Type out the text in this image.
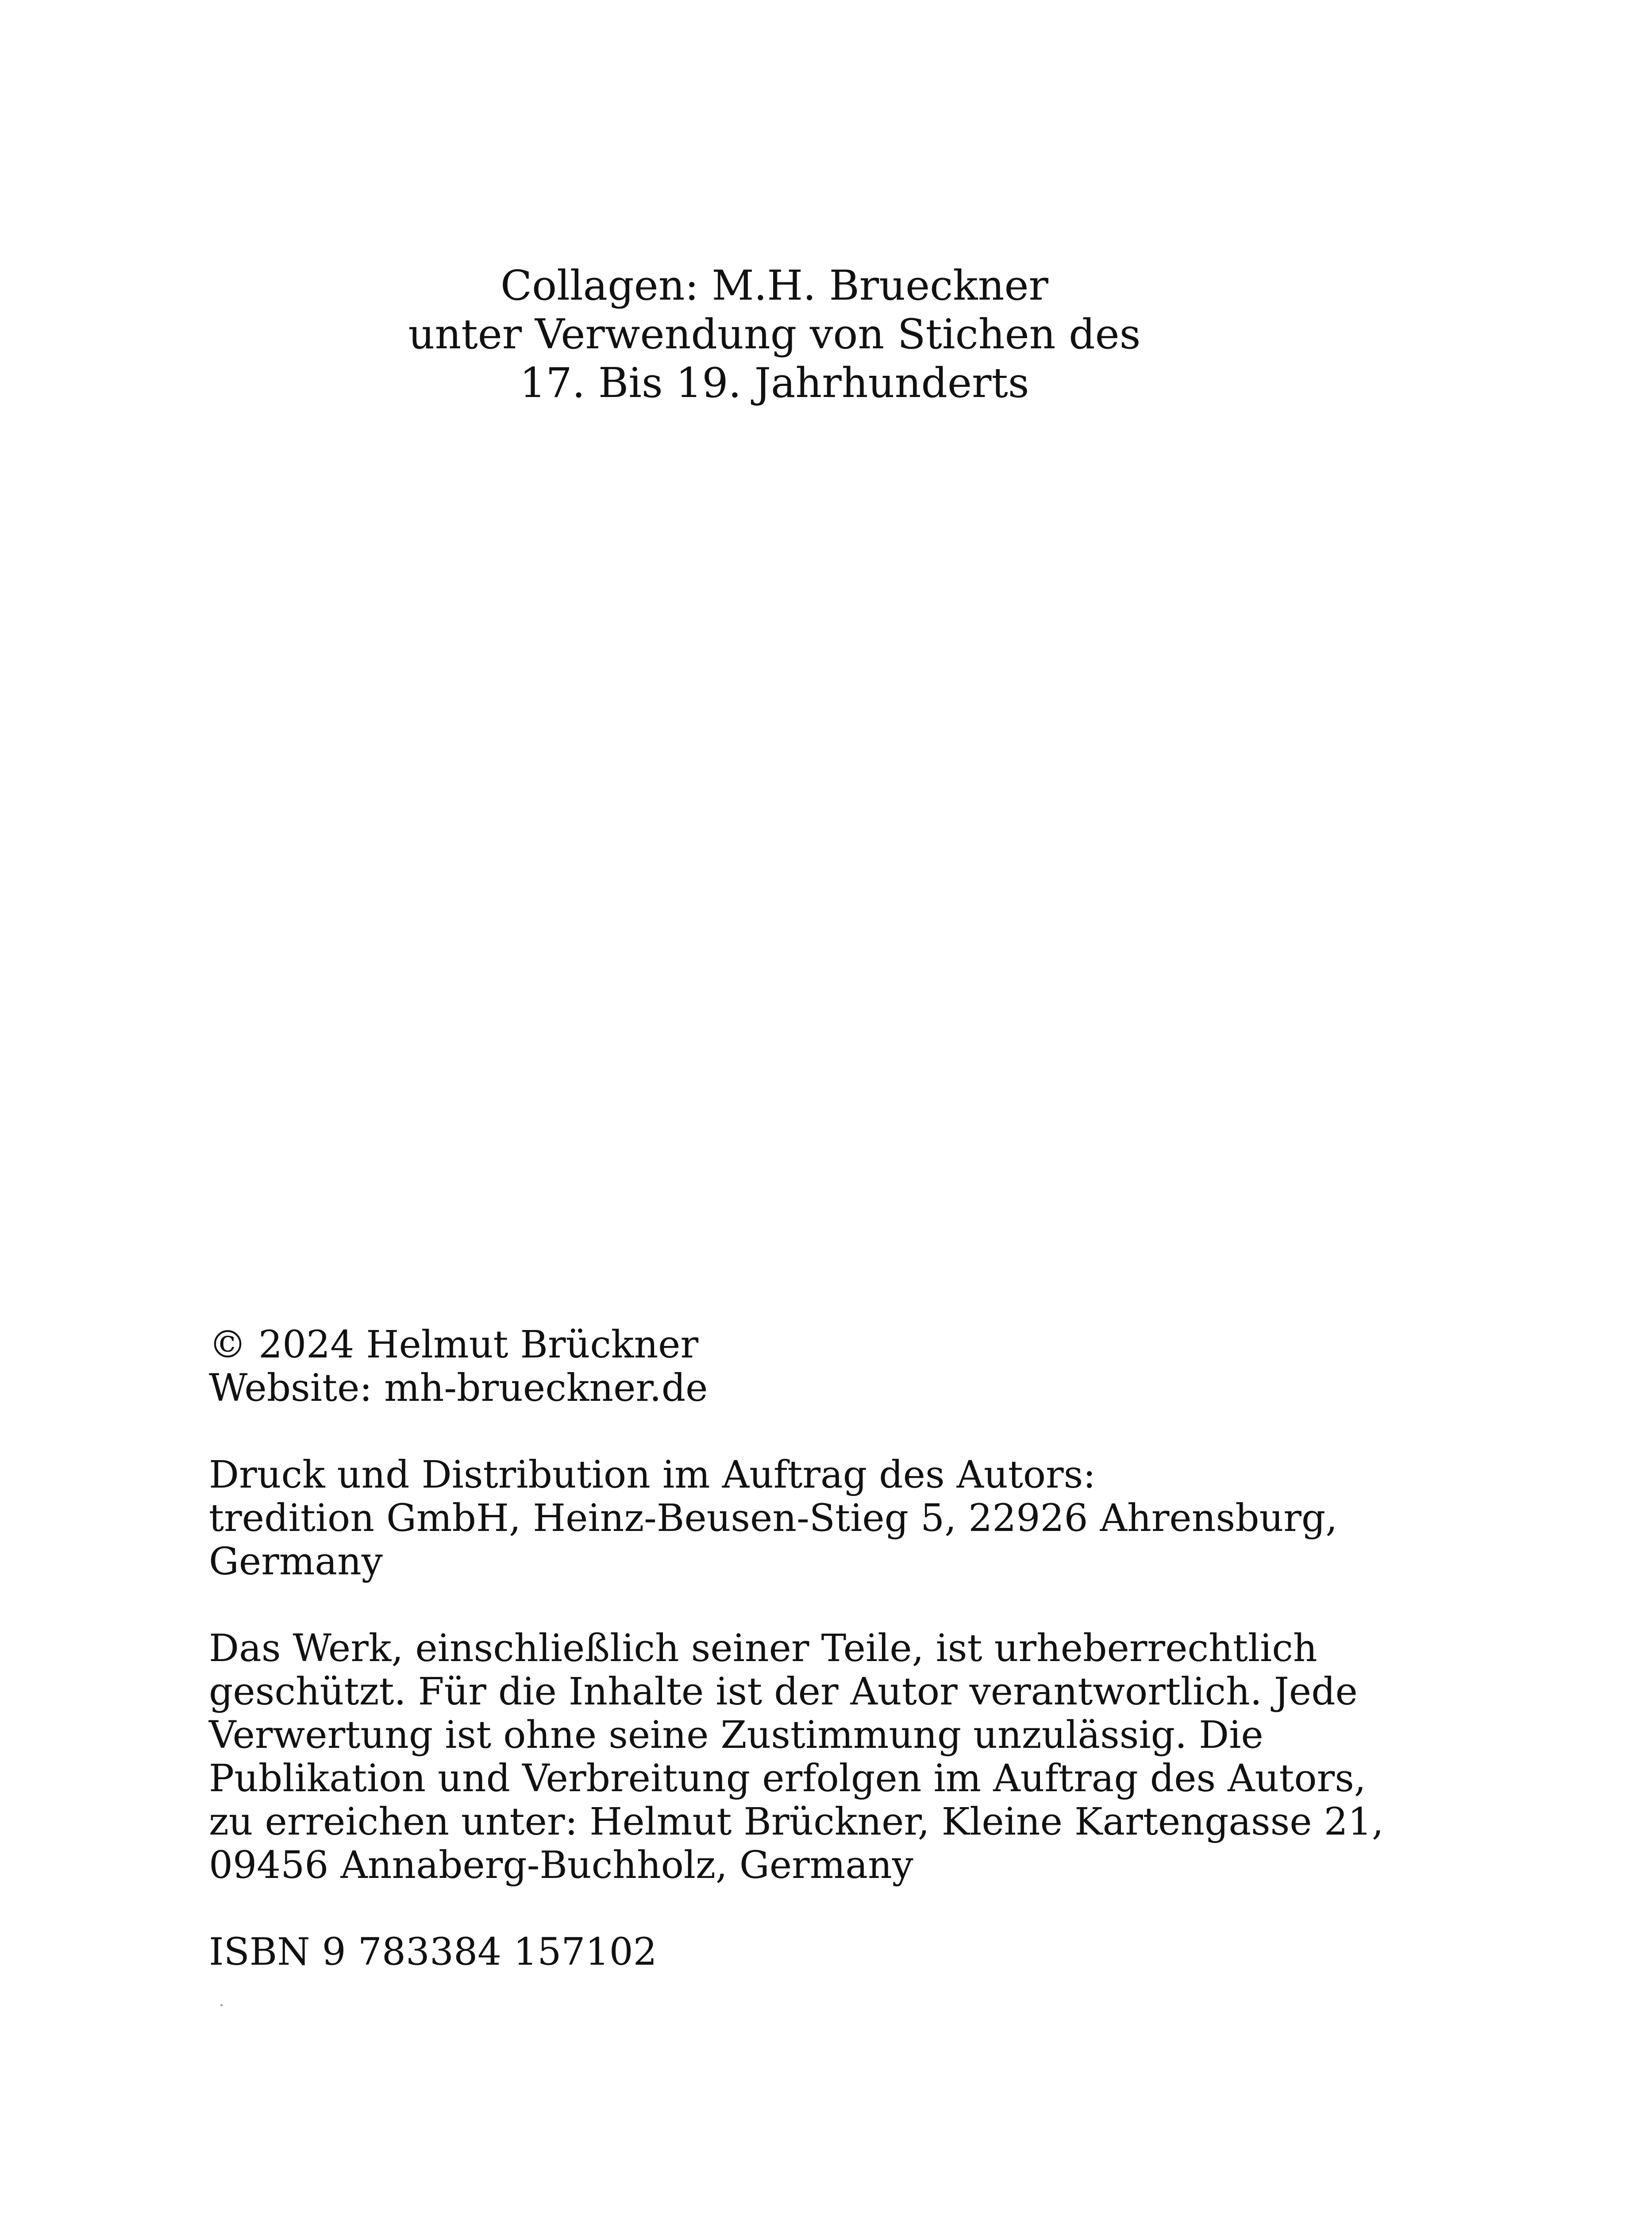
Collagen: M.H. Brueckner
unter Verwendung von Stichen des
17. Bis 19. Jahrhunderts

© 2024 Helmut Brückner
Website: mh-brueckner.de

Druck und Distribution im Auftrag des Autors:
tredition GmbH, Heinz-Beusen-Stieg 5, 22926 Ahrensburg,
Germany

Das Werk, einschließlich seiner Teile, ist urheberrechtlich
geschützt. Für die Inhalte ist der Autor verantwortlich. Jede
Verwertung ist ohne seine Zustimmung unzulässig. Die
Publikation und Verbreitung erfolgen im Auftrag des Autors,
zu erreichen unter: Helmut Brückner, Kleine Kartengasse 21,
09456 Annaberg-Buchholz, Germany

ISBN 9 783384 157102
